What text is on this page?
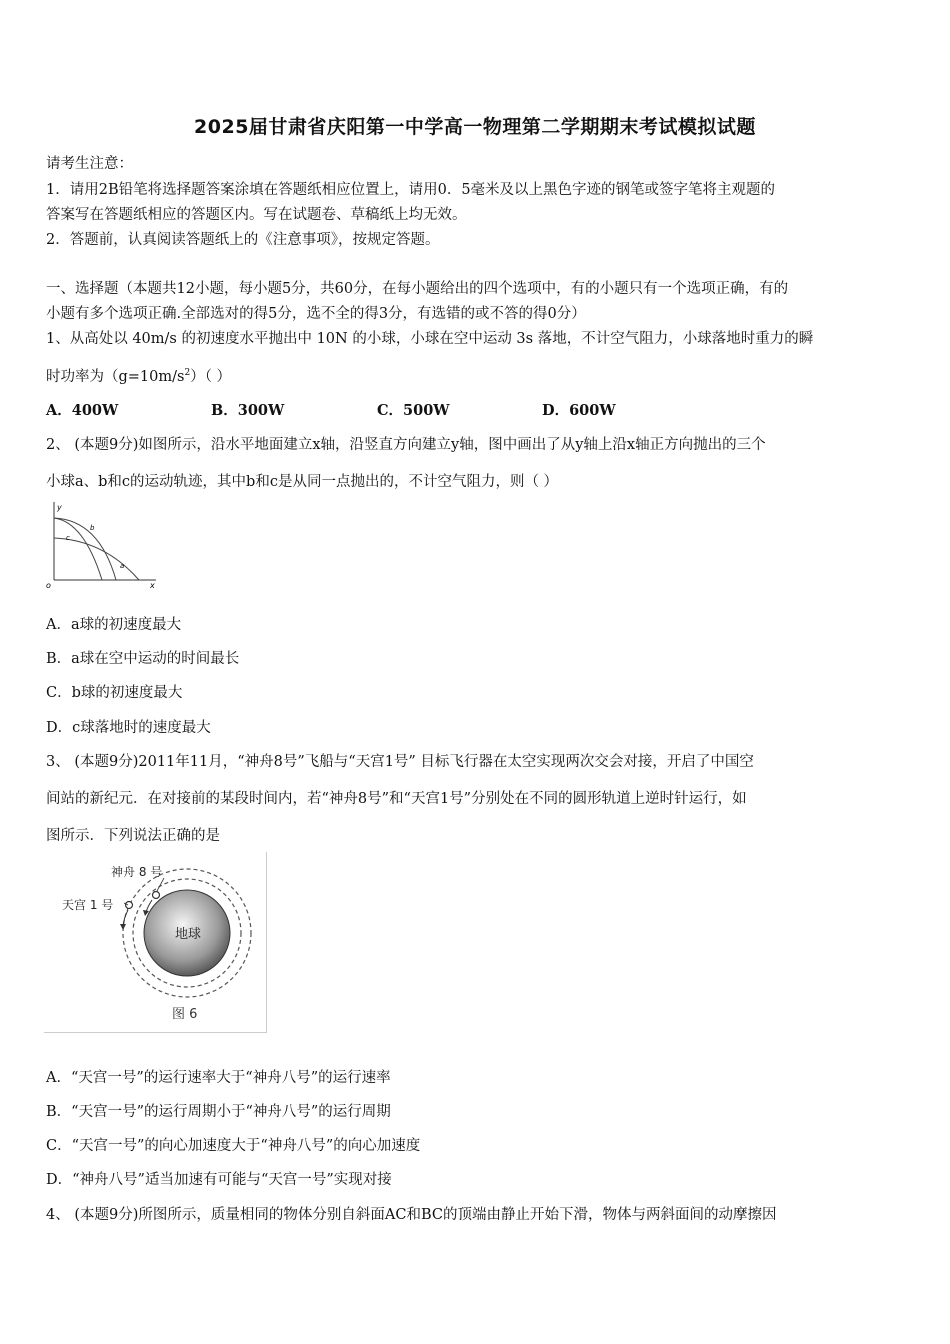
2025届甘肃省庆阳第一中学高一物理第二学期期末考试模拟试题
请考生注意：
1．请用2B铅笔将选择题答案涂填在答题纸相应位置上，请用0．5毫米及以上黑色字迹的钢笔或签字笔将主观题的
答案写在答题纸相应的答题区内。写在试题卷、草稿纸上均无效。
2．答题前，认真阅读答题纸上的《注意事项》，按规定答题。
一、选择题（本题共12小题，每小题5分，共60分，在每小题给出的四个选项中，有的小题只有一个选项正确，有的
小题有多个选项正确.全部选对的得5分，选不全的得3分，有选错的或不答的得0分）
1、从高处以 40m/s 的初速度水平抛出中 10N 的小球，小球在空中运动 3s 落地，不计空气阻力，小球落地时重力的瞬
时功率为$(g=10m/s^2)$（ ）
A．400W	B．300W	C．500W	D．600W
2、 (本题9分)如图所示，沿水平地面建立x轴，沿竖直方向建立y轴，图中画出了从y轴上沿x轴正方向抛出的三个
小球a、b和c的运动轨迹，其中b和c是从同一点抛出的，不计空气阻力，则（ ）
y
o	x
b
c
a
A．a球的初速度最大
B．a球在空中运动的时间最长
C．b球的初速度最大
D．c球落地时的速度最大
3、 (本题9分)2011年11月，“神舟8号”飞船与“天宫1号” 目标飞行器在太空实现两次交会对接，开启了中国空
间站的新纪元．在对接前的某段时间内，若“神舟8号”和“天宫1号”分别处在不同的圆形轨道上逆时针运行，如
图所示．下列说法正确的是
地球
神舟 8 号
天宫 1 号
图 6
A．“天宫一号”的运行速率大于“神舟八号”的运行速率
B．“天宫一号”的运行周期小于“神舟八号”的运行周期
C．“天宫一号”的向心加速度大于“神舟八号”的向心加速度
D．“神舟八号”适当加速有可能与“天宫一号”实现对接
4、 (本题9分)所图所示，质量相同的物体分别自斜面AC和BC的顶端由静止开始下滑，物体与两斜面间的动摩擦因
